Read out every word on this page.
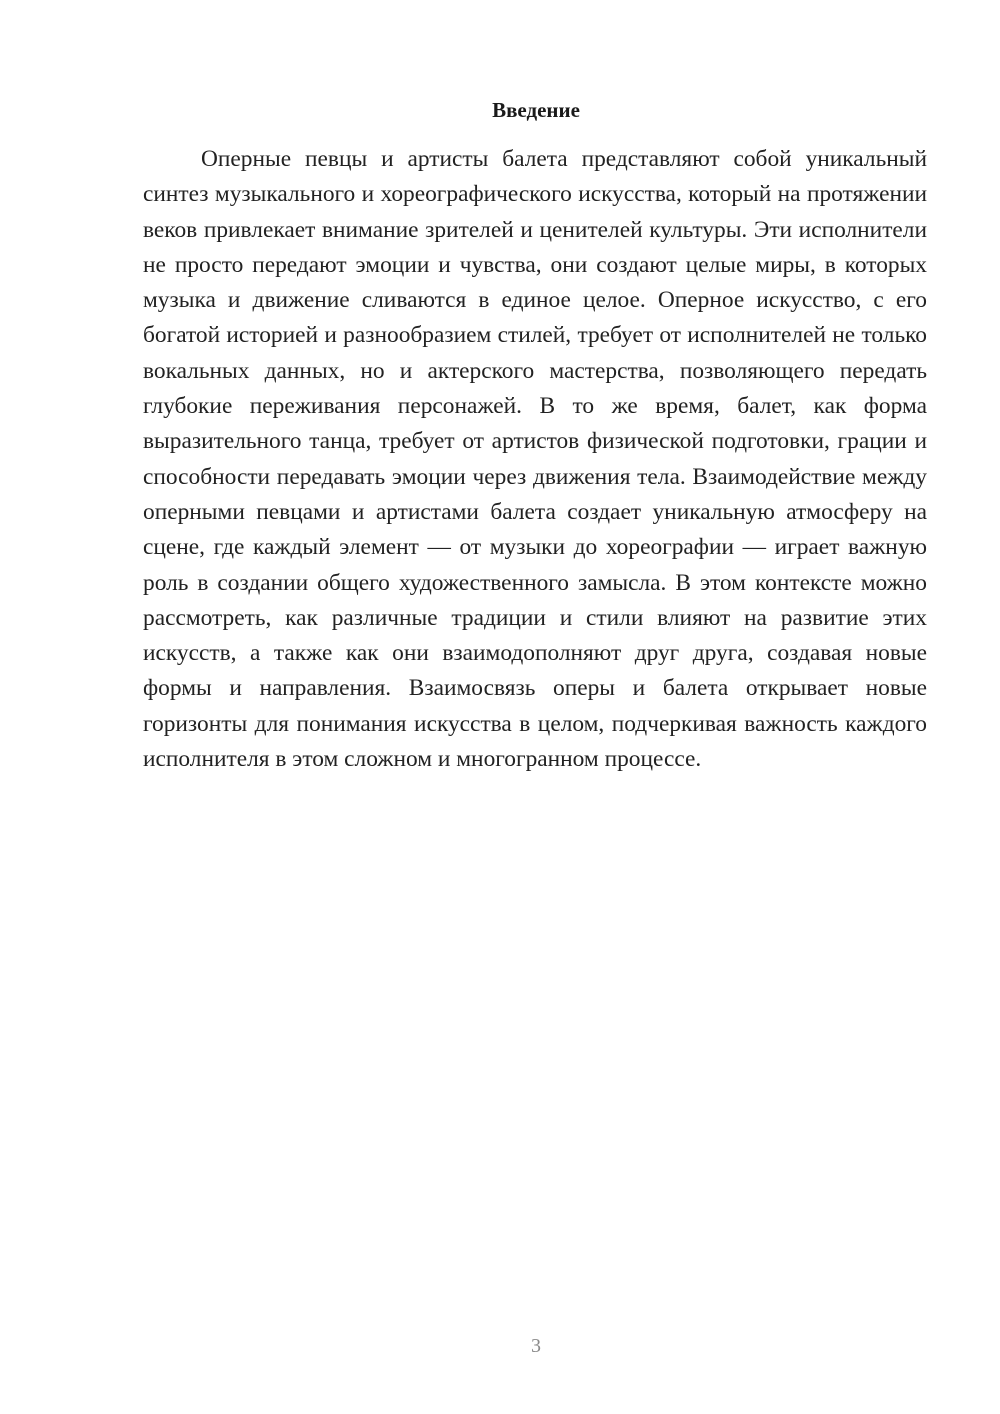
Введение

Оперные певцы и артисты балета представляют собой уникальный синтез музыкального и хореографического искусства, который на протяжении веков привлекает внимание зрителей и ценителей культуры. Эти исполнители не просто передают эмоции и чувства, они создают целые миры, в которых музыка и движение сливаются в единое целое. Оперное искусство, с его богатой историей и разнообразием стилей, требует от исполнителей не только вокальных данных, но и актерского мастерства, позволяющего передать глубокие переживания персонажей. В то же время, балет, как форма выразительного танца, требует от артистов физической подготовки, грации и способности передавать эмоции через движения тела. Взаимодействие между оперными певцами и артистами балета создает уникальную атмосферу на сцене, где каждый элемент — от музыки до хореографии — играет важную роль в создании общего художественного замысла. В этом контексте можно рассмотреть, как различные традиции и стили влияют на развитие этих искусств, а также как они взаимодополняют друг друга, создавая новые формы и направления. Взаимосвязь оперы и балета открывает новые горизонты для понимания искусства в целом, подчеркивая важность каждого исполнителя в этом сложном и многогранном процессе.

3
